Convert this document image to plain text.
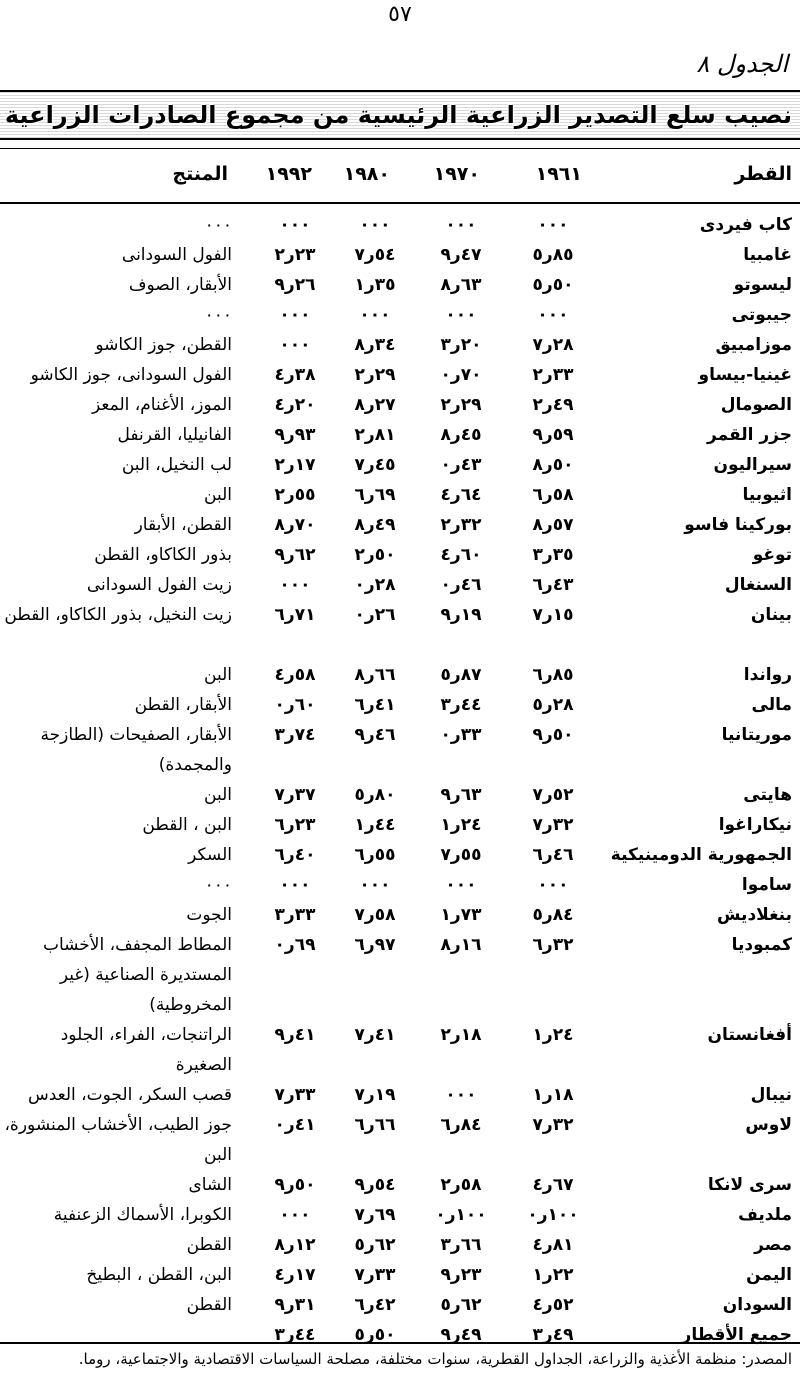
٥٧
الجدول ٨
نصيب سلع التصدير الزراعية الرئيسية من مجموع الصادرات الزراعية
القطر
١٩٦١
١٩٧٠
١٩٨٠
١٩٩٢
المنتج
كاب فيردى
٠٠٠
٠٠٠
٠٠٠
٠٠٠
٠٠٠
غامبيا
٨٥ر٥
٤٧ر٩
٥٤ر٧
٢٣ر٢
الفول السودانى
ليسوتو
٥٠ر٥
٦٣ر٨
٣٥ر١
٢٦ر٩
الأبقار، الصوف
جيبوتى
٠٠٠
٠٠٠
٠٠٠
٠٠٠
٠٠٠
موزامبيق
٢٨ر٧
٢٠ر٣
٣٤ر٨
٠٠٠
القطن، جوز الكاشو
غينيا-بيساو
٣٣ر٢
٧٠ر٠
٢٩ر٢
٣٨ر٤
الفول السودانى، جوز الكاشو
الصومال
٤٩ر٢
٢٩ر٢
٢٧ر٨
٢٠ر٤
الموز، الأغنام، المعز
جزر القمر
٥٩ر٩
٤٥ر٨
٨١ر٢
٩٣ر٩
الفانيليا، القرنفل
سيراليون
٥٠ر٨
٤٣ر٠
٤٥ر٧
١٧ر٢
لب النخيل، البن
اثيوبيا
٥٨ر٦
٦٤ر٤
٦٩ر٦
٥٥ر٢
البن
بوركينا فاسو
٥٧ر٨
٣٢ر٢
٤٩ر٨
٧٠ر٨
القطن، الأبقار
توغو
٣٥ر٣
٦٠ر٤
٥٠ر٢
٦٢ر٩
بذور الكاكاو، القطن
السنغال
٤٣ر٦
٤٦ر٠
٢٨ر٠
٠٠٠
زيت الفول السودانى
بينان
١٥ر٧
١٩ر٩
٢٦ر٠
٧١ر٦
زيت النخيل، بذور الكاكاو، القطن
رواندا
٨٥ر٦
٨٧ر٥
٦٦ر٨
٥٨ر٤
البن
مالى
٢٨ر٥
٤٤ر٣
٤١ر٦
٦٠ر٠
الأبقار، القطن
موريتانيا
٥٠ر٩
٣٣ر٠
٤٦ر٩
٧٤ر٣
الأبقار، الصفيحات (الطازجة والمجمدة)
هايتى
٥٢ر٧
٦٣ر٩
٨٠ر٥
٣٧ر٧
البن
نيكاراغوا
٣٢ر٧
٢٤ر١
٤٤ر١
٢٣ر٦
البن ، القطن
الجمهورية الدومينيكية
٤٦ر٦
٥٥ر٧
٥٥ر٦
٤٠ر٦
السكر
ساموا
٠٠٠
٠٠٠
٠٠٠
٠٠٠
٠٠٠
بنغلاديش
٨٤ر٥
٧٣ر١
٥٨ر٧
٣٣ر٣
الجوت
كمبوديا
٣٢ر٦
١٦ر٨
٩٧ر٦
٦٩ر٠
المطاط المجفف، الأخشاب المستديرة الصناعية (غير المخروطية)
أفغانستان
٢٤ر١
١٨ر٢
٤١ر٧
٤١ر٩
الراتنجات، الفراء، الجلود الصغيرة
نيبال
١٨ر١
٠٠٠
١٩ر٧
٣٣ر٧
قصب السكر، الجوت، العدس
لاوس
٣٢ر٧
٨٤ر٦
٦٦ر٦
٤١ر٠
جوز الطيب، الأخشاب المنشورة، البن
سرى لانكا
٦٧ر٤
٥٨ر٢
٥٤ر٩
٥٠ر٩
الشاى
ملديف
١٠٠ر٠
١٠٠ر٠
٦٩ر٧
٠٠٠
الكوبرا، الأسماك الزعنفية
مصر
٨١ر٤
٦٦ر٣
٦٢ر٥
١٢ر٨
القطن
اليمن
٢٢ر١
٢٣ر٩
٣٣ر٧
١٧ر٤
البن، القطن ، البطيخ
السودان
٥٢ر٤
٦٢ر٥
٤٢ر٦
٣١ر٩
القطن
جميع الأقطار
٤٩ر٣
٤٩ر٩
٥٠ر٥
٤٤ر٣
المصدر: منظمة الأغذية والزراعة، الجداول القطرية، سنوات مختلفة، مصلحة السياسات الاقتصادية والاجتماعية، روما.
